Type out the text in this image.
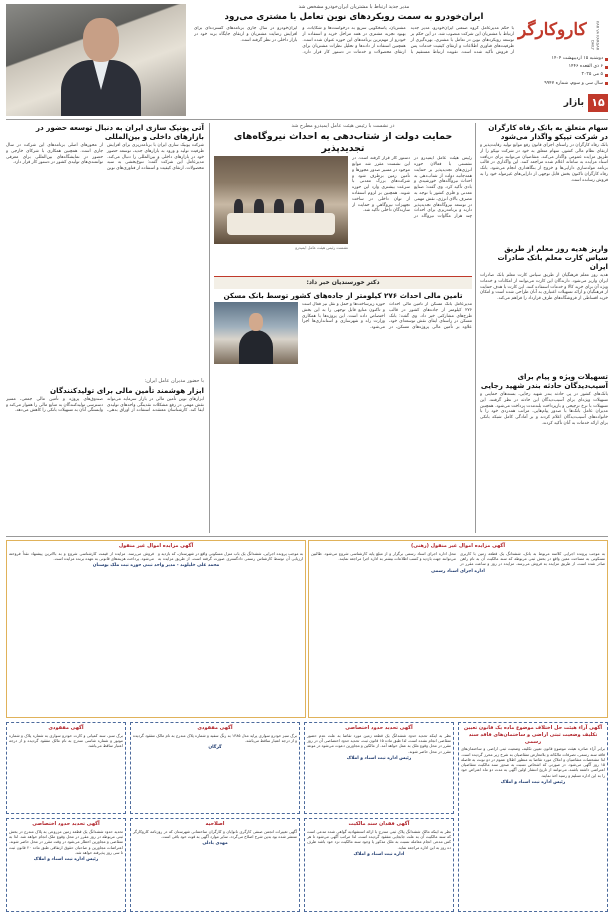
KAR VA KARGAR DAILY
کاروکارگر
دوشنبه ۱۵ اردیبهشت ۱۴۰۴
۶ ذی القعده ۱۴۴۶
۵ می ۲۰۲۵
سال سی و سوم، شماره ۹۹۴۷
۱۵
بازار
مدیر جدید ارتباط با مشتریان ایران‌خودرو مشخص شد
ایران‌خودرو به سمت رویکردهای نوین تعامل با مشتری می‌رود
با حکم مدیرعامل گروه صنعتی ایران‌خودرو، مدیر جدید ارتباط با مشتریان این شرکت منصوب شد. در این حکم بر توسعه رویکردهای نوین در تعامل با مشتری، بهره‌گیری از ظرفیت‌های فناوری اطلاعات و ارتقای کیفیت خدمات پس از فروش تأکید شده است. تقویت ارتباط مستقیم با مشتریان، پاسخگویی سریع به درخواست‌ها و شکایات، و بهبود تجربه مشتری در همه مراحل خرید و استفاده از خودرو از مهم‌ترین برنامه‌های این حوزه عنوان شده است. همچنین استفاده از داده‌ها و تحلیل نظرات مشتریان برای ارتقای محصولات و خدمات در دستور کار قرار دارد. ایران‌خودرو در سال جاری برنامه‌های گسترده‌ای برای افزایش رضایت مشتریان و ارتقای جایگاه برند خود در بازار داخلی در نظر گرفته است.
سهام متعلق به بانک رفاه کارگران در شرکت تیپکو واگذار می‌شود

بانک رفاه کارگران در راستای اجرای قانون رفع موانع تولید رقابت‌پذیر و ارتقای نظام مالی کشور، سهام متعلق به خود در شرکت تیپکو را از طریق مزایده عمومی واگذار می‌کند. متقاضیان می‌توانند برای دریافت اسناد مزایده به سامانه اعلام شده مراجعه کنند. این واگذاری در قالب برنامه مولدسازی دارایی‌ها و خروج از بنگاهداری انجام می‌شود. بانک رفاه کارگران تاکنون بخش قابل توجهی از دارایی‌های غیرمولد خود را به فروش رسانده است.

واریز هدیه روز معلم از طریق سیاس کارت معلم بانک صادرات ایران

هدیه روز معلم فرهنگیان از طریق سیاس کارت معلم بانک صادرات ایران واریز می‌شود. دارندگان این کارت می‌توانند از امکانات و خدمات ویژه آن برای خرید کالا و خدمات استفاده کنند. این کارت با هدف حمایت از فرهنگیان و ارائه تسهیلات اعتباری به آنان طراحی شده است و امکان خرید اقساطی از فروشگاه‌های طرف قرارداد را فراهم می‌کند.

تسهیلات ویژه و پیام برای آسیب‌دیدگان حادثه بندر شهید رجایی

بانک‌های کشور در پی حادثه بندر شهید رجایی، بسته‌های حمایتی و تسهیلات ویژه‌ای برای آسیب‌دیدگان این حادثه در نظر گرفتند. این تسهیلات با نرخ ترجیحی و بازپرداخت بلندمدت پرداخت می‌شود. همچنین مدیران عامل بانک‌ها با صدور پیام‌هایی، مراتب همدردی خود را با خانواده‌های آسیب‌دیدگان اعلام کردند و بر آمادگی کامل شبکه بانکی برای ارائه خدمات به آنان تأکید کردند.

در نشست با رئیس هیئت عامل ایمیدرو مطرح شد
حمایت دولت از شتاب‌دهی به احداث نیروگاه‌های تجدیدپذیر

رئیس هیئت عامل ایمیدرو در نشستی با فعالان حوزه انرژی‌های تجدیدپذیر بر حمایت همه‌جانبه دولت از شتاب‌دهی به احداث نیروگاه‌های خورشیدی و بادی تأکید کرد. وی گفت: صنایع معدنی و فلزی کشور با توجه به مصرف بالای انرژی، نقش مهمی در توسعه نیروگاه‌های تجدیدپذیر دارند و برنامه‌ریزی برای احداث چند هزار مگاوات نیروگاه در دستور کار قرار گرفته است. در این نشست مقرر شد موانع موجود در مسیر صدور مجوزها و تأمین زمین برطرف شود و شرکت‌های بزرگ معدنی با سرعت بیشتری وارد این حوزه شوند. همچنین بر لزوم استفاده از توان داخلی در ساخت تجهیزات نیروگاهی و حمایت از سازندگان داخلی تأکید شد.

نشست رئیس هیئت عامل ایمیدرو

دکتر خورسندیان خبر داد:
تامین مالی احداث ۲۷۶ کیلومتر از جاده‌های کشور توسط بانک مسکن

مدیرعامل بانک مسکن از تأمین مالی احداث ۲۷۶ کیلومتر از جاده‌های کشور در قالب طرح‌های مشارکتی خبر داد. وی گفت: بانک مسکن در راستای ایفای نقش توسعه‌ای خود، علاوه بر تأمین مالی پروژه‌های مسکن، در حوزه زیرساخت‌ها و حمل و نقل نیز فعال است و تاکنون منابع قابل توجهی را به این بخش اختصاص داده است. این پروژه‌ها با همکاری وزارت راه و شهرسازی و استانداری‌ها اجرا می‌شود.

آتی یونیک سازی ایران به دنبال توسعه حضور در بازارهای داخلی و بین‌المللی

شرکت یونیک سازی ایران با برنامه‌ریزی برای افزایش ظرفیت تولید و ورود به بازارهای جدید، توسعه حضور خود در بازارهای داخلی و بین‌المللی را دنبال می‌کند. مدیرعامل این شرکت گفت: تنوع‌بخشی به سبد محصولات، ارتقای کیفیت و استفاده از فناوری‌های نوین از محورهای اصلی برنامه‌های این شرکت در سال جاری است. همچنین همکاری با شرکای خارجی و حضور در نمایشگاه‌های بین‌المللی برای معرفی توانمندی‌های تولیدی کشور در دستور کار قرار دارد.

با حضور مدیران عامل ایران:
ابزار هوشمند تأمین مالی برای تولیدکنندگان

ابزارهای نوین تأمین مالی در بازار سرمایه می‌تواند نقش مهمی در رفع مشکلات نقدینگی واحدهای تولیدی ایفا کند. کارشناسان معتقدند استفاده از اوراق بدهی، صندوق‌های پروژه و تأمین مالی جمعی، مسیر دسترسی تولیدکنندگان به منابع مالی را هموار می‌کند و وابستگی آنان به تسهیلات بانکی را کاهش می‌دهد.

آگهی مزایده اموال غیر منقول (رهنی)

به موجب پرونده اجرایی کلاسه مربوط به بانک، ششدانگ یک قطعه زمین با کاربری مسکونی به مساحت معین واقع در بخش ثبتی مربوطه که سند مالکیت آن به نام راهن صادر شده است، از طریق مزایده به فروش می‌رسد. مزایده در روز و ساعت مقرر در محل اداره اجرای اسناد رسمی برگزار و از مبلغ پایه کارشناسی شروع می‌شود. طالبین می‌توانند جهت بازدید و کسب اطلاعات بیشتر به اداره اجرا مراجعه نمایند.

اداره اجرای اسناد رسمی
آگهی مزایده اموال غیر منقول

به موجب پرونده اجرایی، ششدانگ یک باب منزل مسکونی واقع در شهرستان، که بازدید و ارزیابی آن توسط کارشناس رسمی دادگستری صورت گرفته است، از طریق مزایده به فروش می‌رسد. مزایده از قیمت کارشناسی شروع و به بالاترین پیشنهاد نقداً فروخته می‌شود. پرداخت هزینه‌های قانونی به عهده برنده مزایده است.

محمد علی خلیلوند - مدیر واحد ثبتی حوزه ثبت ملک بوستان
آگهی آراء هیئت حل اختلاف موضوع ماده یک قانون تعیین تکلیف وضعیت ثبتی اراضی و ساختمان‌های فاقد سند رسمی

برابر آراء صادره هیئت موضوع قانون تعیین تکلیف وضعیت ثبتی اراضی و ساختمان‌های فاقد سند رسمی، تصرفات مالکانه و بلامعارض متقاضیان به شرح زیر محرز گردیده است. لذا مشخصات متقاضیان و املاک مورد تقاضا به منظور اطلاع عموم در دو نوبت به فاصله ۱۵ روز آگهی می‌شود. در صورتی که اشخاص نسبت به صدور سند مالکیت متقاضیان اعتراضی داشته باشند، می‌توانند از تاریخ انتشار اولین آگهی به مدت دو ماه اعتراض خود را به این اداره تسلیم و رسید اخذ نمایند.

رئیس اداره ثبت اسناد و املاک
آگهی تحدید حدود اختصاصی

نظر به اینکه تحدید حدود ششدانگ یک قطعه زمین مورد تقاضا به علت عدم حضور متقاضی انجام نشده است، لذا طبق ماده ۱۵ قانون ثبت، تحدید حدود اختصاصی آن در روز مقرر در محل وقوع ملک به عمل خواهد آمد. از مالکین و مجاورین دعوت می‌شود در موعد مقرر در محل حاضر شوند.

رئیس اداره ثبت اسناد و املاک
آگهی فقدان سند مالکیت

نظر به اینکه مالک ششدانگ پلاک ثبتی مندرج با ارائه استشهادیه گواهی شده مدعی است که سند مالکیت آن به علت جابجایی مفقود گردیده است، لذا مراتب آگهی می‌شود تا هر کس مدعی انجام معامله نسبت به ملک مذکور یا وجود سند مالکیت نزد خود باشد ظرف ده روز به این اداره مراجعه نماید.

اداره ثبت اسناد و املاک
آگهی مفقودی

برگ سبز خودرو سواری پراید مدل ۱۳۸۵ به رنگ سفید و شماره پلاک مندرج به نام مالک مفقود گردیده و از درجه اعتبار ساقط می‌باشد.

گرگان
اصلاحیه

آگهی تغییرات انجمن صنفی کارگری نانوایان و کارگران ساختمانی شهرستان که در روزنامه کاروکارگر منتشر شده بود بدین شرح اصلاح می‌گردد. سایر موارد آگهی به قوت خود باقی است.

مهدی بادلی
آگهی مفقودی

برگ سبز، سند کمپانی و کارت خودرو سواری به شماره پلاک و شماره موتور و شماره شاسی مندرج به نام مالک مفقود گردیده و از درجه اعتبار ساقط می‌باشد.

آگهی تحدید حدود اختصاصی

تحدید حدود ششدانگ یک قطعه زمین مزروعی به پلاک مندرج در بخش ثبتی مربوطه در روز مقرر در محل وقوع ملک انجام خواهد شد. لذا به متقاضی و مجاورین اخطار می‌شود در وقت مقرر در محل حاضر شوند. اعتراضات مجاورین و صاحبان حقوق ارتفاقی طبق ماده ۲۰ قانون ثبت تا سی روز پذیرفته خواهد شد.

رئیس اداره ثبت اسناد و املاک
